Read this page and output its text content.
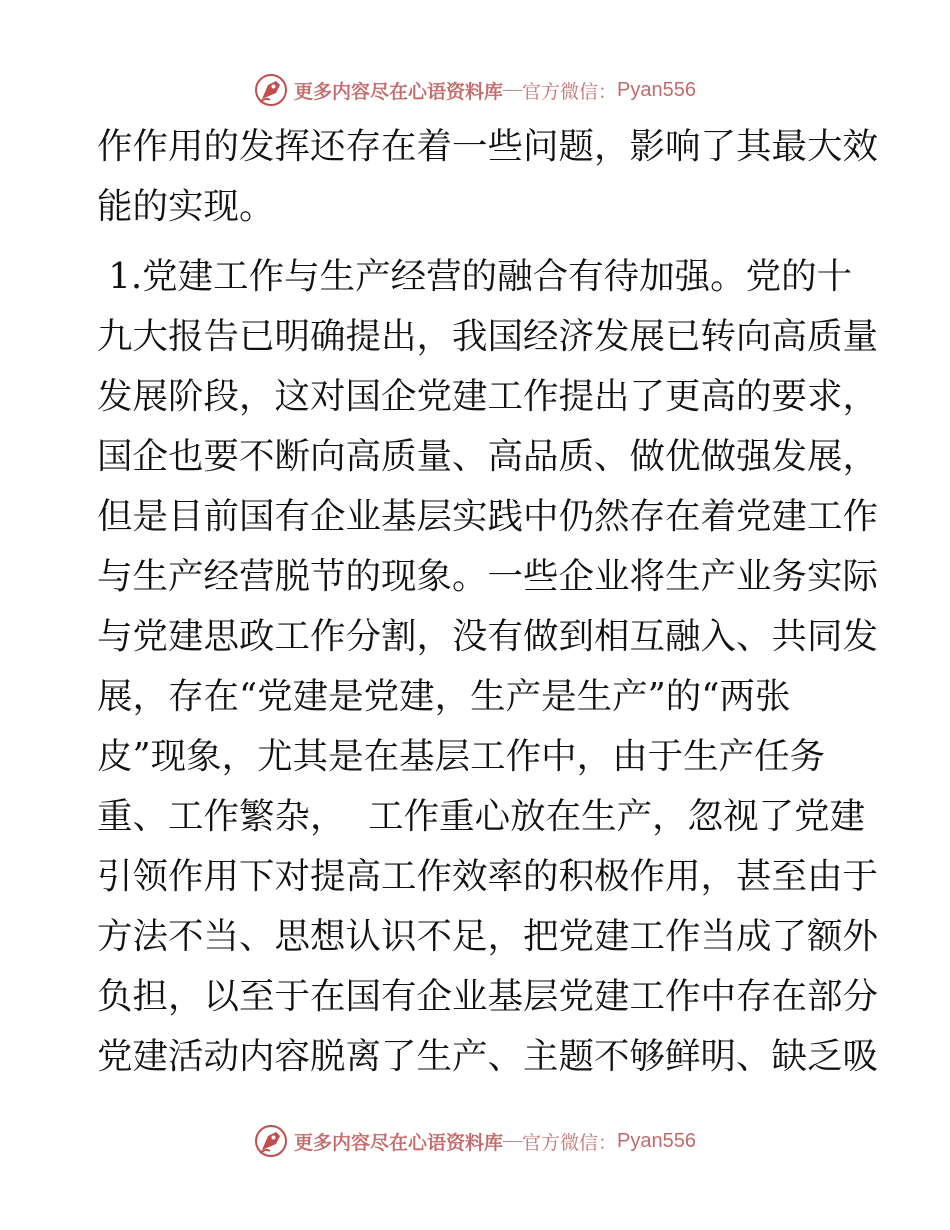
更多内容尽在心语资料库 — 官方微信： Pyan556
作作用的发挥还存在着一些问题，影响了其最大效
能的实现。
1.党建工作与生产经营的融合有待加强。党的十
九大报告已明确提出，我国经济发展已转向高质量
发展阶段，这对国企党建工作提出了更高的要求，
国企也要不断向高质量、高品质、做优做强发展，
但是目前国有企业基层实践中仍然存在着党建工作
与生产经营脱节的现象。一些企业将生产业务实际
与党建思政工作分割，没有做到相互融入、共同发
展，存在“党建是党建，生产是生产”的“两张
皮”现象，尤其是在基层工作中，由于生产任务
重、工作繁杂，  工作重心放在生产，忽视了党建
引领作用下对提高工作效率的积极作用，甚至由于
方法不当、思想认识不足，把党建工作当成了额外
负担，以至于在国有企业基层党建工作中存在部分
党建活动内容脱离了生产、主题不够鲜明、缺乏吸
更多内容尽在心语资料库 — 官方微信： Pyan556
